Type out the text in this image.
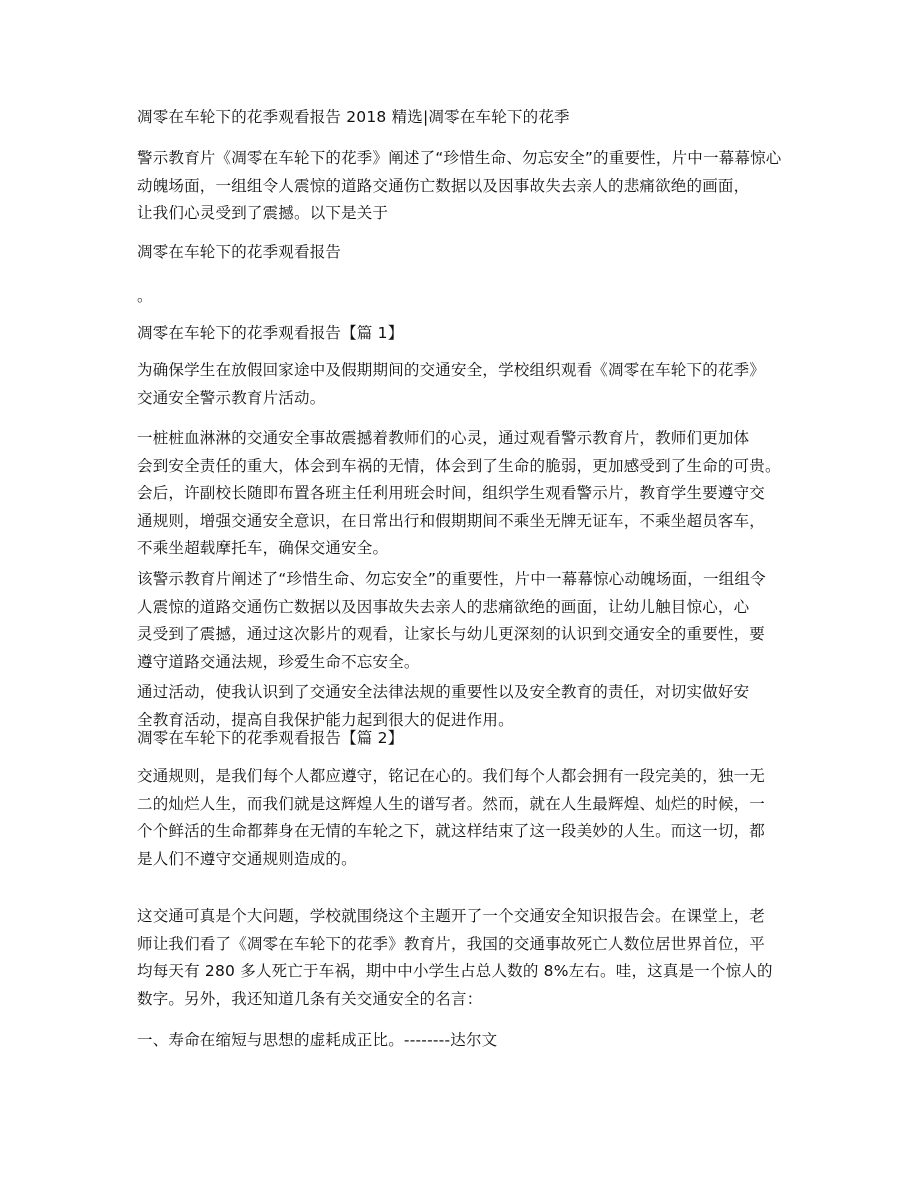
凋零在车轮下的花季观看报告 2018 精选|凋零在车轮下的花季
警示教育片《凋零在车轮下的花季》阐述了“珍惜生命、勿忘安全”的重要性，片中一幕幕惊心
动魄场面，一组组令人震惊的道路交通伤亡数据以及因事故失去亲人的悲痛欲绝的画面，
让我们心灵受到了震撼。以下是关于
凋零在车轮下的花季观看报告
。
凋零在车轮下的花季观看报告【篇 1】
为确保学生在放假回家途中及假期期间的交通安全，学校组织观看《凋零在车轮下的花季》
交通安全警示教育片活动。
一桩桩血淋淋的交通安全事故震撼着教师们的心灵，通过观看警示教育片，教师们更加体
会到安全责任的重大，体会到车祸的无情，体会到了生命的脆弱，更加感受到了生命的可贵。
会后，许副校长随即布置各班主任利用班会时间，组织学生观看警示片，教育学生要遵守交
通规则，增强交通安全意识，在日常出行和假期期间不乘坐无牌无证车，不乘坐超员客车，
不乘坐超载摩托车，确保交通安全。
该警示教育片阐述了“珍惜生命、勿忘安全”的重要性，片中一幕幕惊心动魄场面，一组组令
人震惊的道路交通伤亡数据以及因事故失去亲人的悲痛欲绝的画面，让幼儿触目惊心，心
灵受到了震撼，通过这次影片的观看，让家长与幼儿更深刻的认识到交通安全的重要性，要
遵守道路交通法规，珍爱生命不忘安全。
通过活动，使我认识到了交通安全法律法规的重要性以及安全教育的责任，对切实做好安
全教育活动，提高自我保护能力起到很大的促进作用。
凋零在车轮下的花季观看报告【篇 2】
交通规则，是我们每个人都应遵守，铭记在心的。我们每个人都会拥有一段完美的，独一无
二的灿烂人生，而我们就是这辉煌人生的谱写者。然而，就在人生最辉煌、灿烂的时候，一
个个鲜活的生命都葬身在无情的车轮之下，就这样结束了这一段美妙的人生。而这一切，都
是人们不遵守交通规则造成的。
这交通可真是个大问题，学校就围绕这个主题开了一个交通安全知识报告会。在课堂上，老
师让我们看了《凋零在车轮下的花季》教育片，我国的交通事故死亡人数位居世界首位，平
均每天有 280 多人死亡于车祸，期中中小学生占总人数的 8%左右。哇，这真是一个惊人的
数字。另外，我还知道几条有关交通安全的名言：
一、寿命在缩短与思想的虚耗成正比。--------达尔文
